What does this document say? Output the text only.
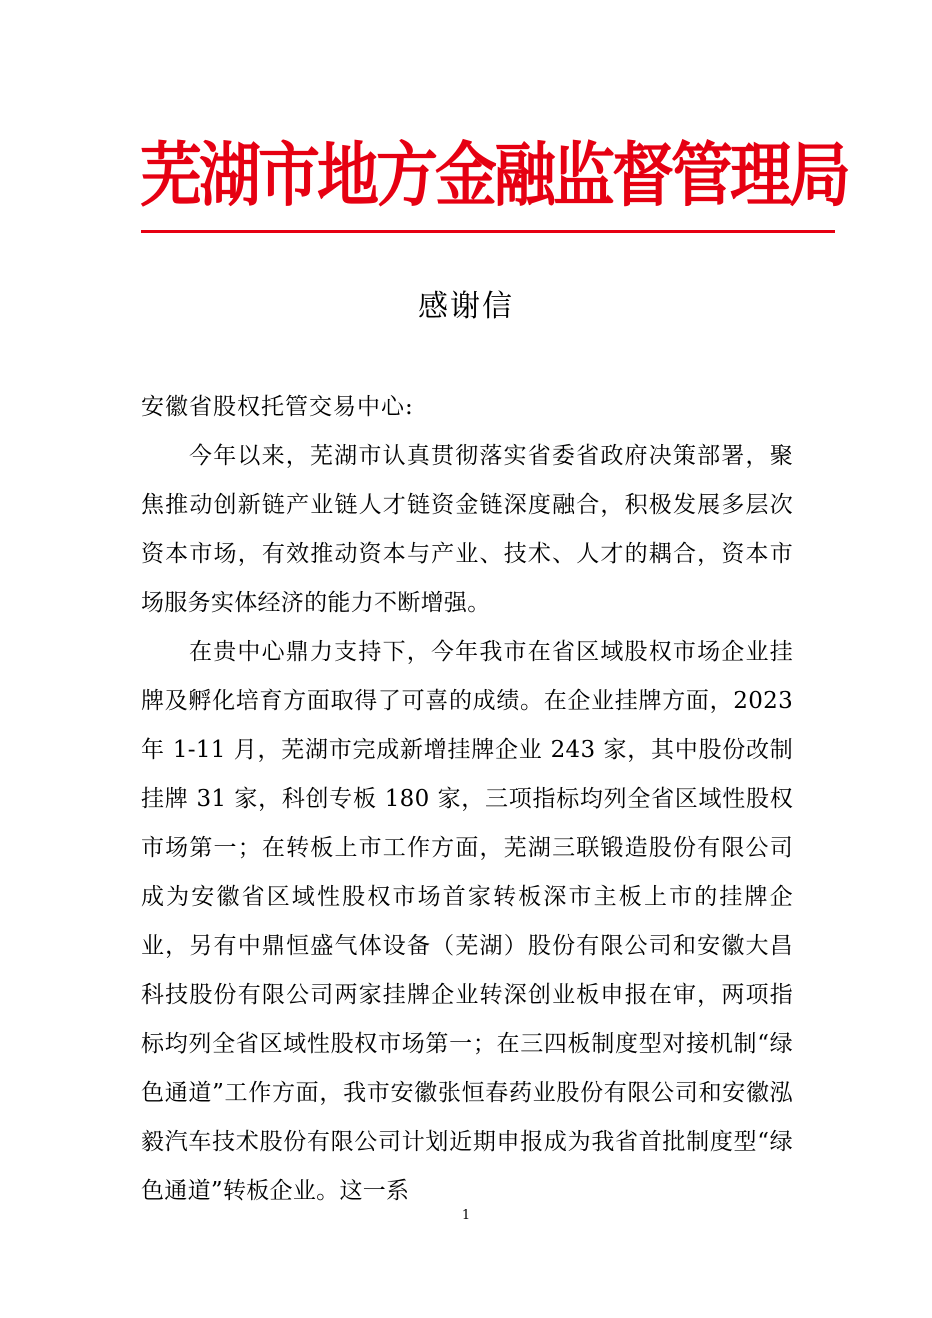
芜湖市地方金融监督管理局
感谢信

安徽省股权托管交易中心:

今年以来，芜湖市认真贯彻落实省委省政府决策部署，聚焦推动创新链产业链人才链资金链深度融合，积极发展多层次资本市场，有效推动资本与产业、技术、人才的耦合，资本市场服务实体经济的能力不断增强。

在贵中心鼎力支持下，今年我市在省区域股权市场企业挂牌及孵化培育方面取得了可喜的成绩。在企业挂牌方面，2023 年 1-11 月，芜湖市完成新增挂牌企业 243 家，其中股份改制挂牌 31 家，科创专板 180 家，三项指标均列全省区域性股权市场第一；在转板上市工作方面，芜湖三联锻造股份有限公司成为安徽省区域性股权市场首家转板深市主板上市的挂牌企业，另有中鼎恒盛气体设备（芜湖）股份有限公司和安徽大昌科技股份有限公司两家挂牌企业转深创业板申报在审，两项指标均列全省区域性股权市场第一；在三四板制度型对接机制“绿色通道”工作方面，我市安徽张恒春药业股份有限公司和安徽泓毅汽车技术股份有限公司计划近期申报成为我省首批制度型“绿色通道”转板企业。这一系

1
